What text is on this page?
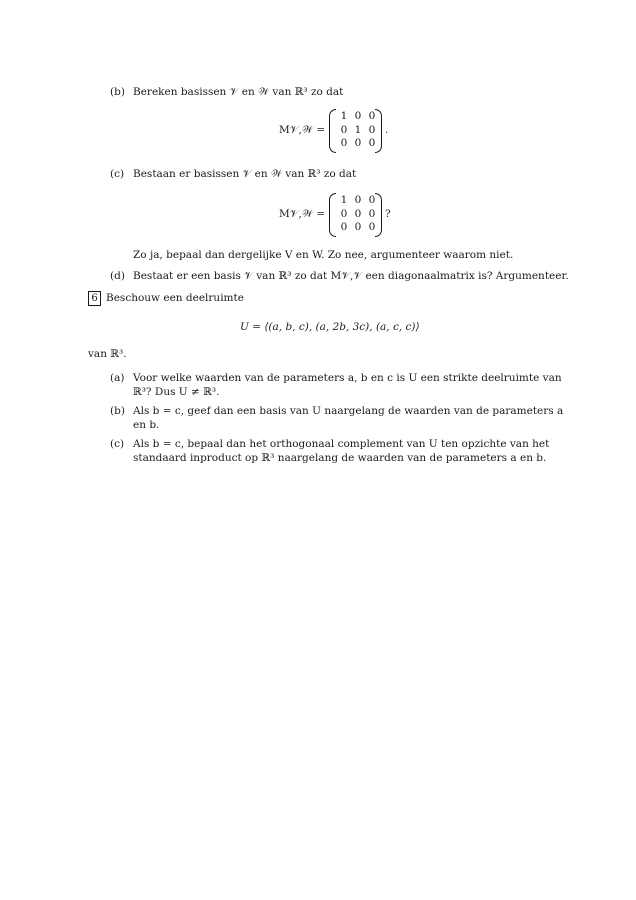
(b) Bereken basissen 𝒱 en 𝒲 van ℝ³ zo dat
M𝒱,𝒲 =
1 0 0
0 1 0
0 0 0
.
(c) Bestaan er basissen 𝒱 en 𝒲 van ℝ³ zo dat
M𝒱,𝒲 =
1 0 0
0 0 0
0 0 0
?
Zo ja, bepaal dan dergelijke V en W. Zo nee, argumenteer waarom niet.
(d) Bestaat er een basis 𝒱 van ℝ³ zo dat M𝒱,𝒱 een diagonaalmatrix is? Argumenteer.
6 Beschouw een deelruimte
U = ⟨(a, b, c), (a, 2b, 3c), (a, c, c)⟩
van ℝ³.
(a) Voor welke waarden van de parameters a, b en c is U een strikte deelruimte van
ℝ³? Dus U ≠ ℝ³.
(b) Als b = c, geef dan een basis van U naargelang de waarden van de parameters a
en b.
(c) Als b = c, bepaal dan het orthogonaal complement van U ten opzichte van het
standaard inproduct op ℝ³ naargelang de waarden van de parameters a en b.
